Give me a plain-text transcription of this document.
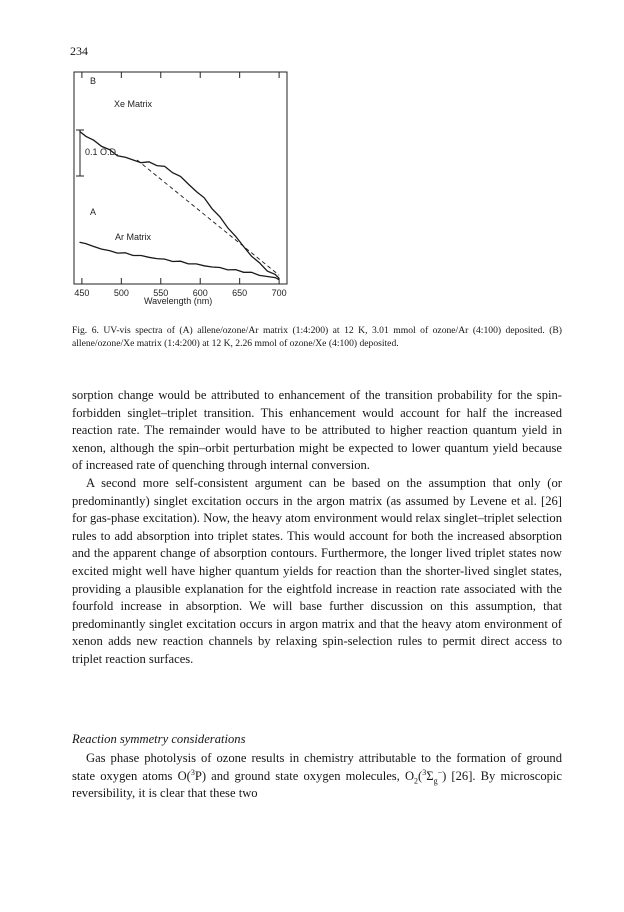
234
450	500	550	600	650	700
B
Xe Matrix
A
Ar Matrix
0.1 O.D.
Wavelength (nm)
Fig. 6. UV-vis spectra of (A) allene/ozone/Ar matrix (1:4:200) at 12 K, 3.01 mmol of ozone/Ar (4:100) deposited. (B) allene/ozone/Xe matrix (1:4:200) at 12 K, 2.26 mmol of ozone/Xe (4:100) deposited.

sorption change would be attributed to enhancement of the transition probability for the spin-forbidden singlet–triplet transition. This enhancement would account for half the increased reaction rate. The remainder would have to be attributed to higher reaction quantum yield in xenon, although the spin–orbit perturbation might be expected to lower quantum yield because of increased rate of quenching through internal conversion.

A second more self-consistent argument can be based on the assumption that only (or predominantly) singlet excitation occurs in the argon matrix (as assumed by Levene et al. [26] for gas-phase excitation). Now, the heavy atom environment would relax singlet–triplet selection rules to add absorption into triplet states. This would account for both the increased absorption and the apparent change of absorption contours. Furthermore, the longer lived triplet states now excited might well have higher quantum yields for reaction than the shorter-lived singlet states, providing a plausible explanation for the eightfold increase in reaction rate associated with the fourfold increase in absorption. We will base further discussion on this assumption, that predominantly singlet excitation occurs in argon matrix and that the heavy atom environment of xenon adds new reaction channels by relaxing spin-selection rules to permit direct access to triplet reaction surfaces.

Reaction symmetry considerations

Gas phase photolysis of ozone results in chemistry attributable to the formation of ground state oxygen atoms O($^3$P) and ground state oxygen molecules, $O_2(^3\Sigma_g^-)$ [26]. By microscopic reversibility, it is clear that these two
